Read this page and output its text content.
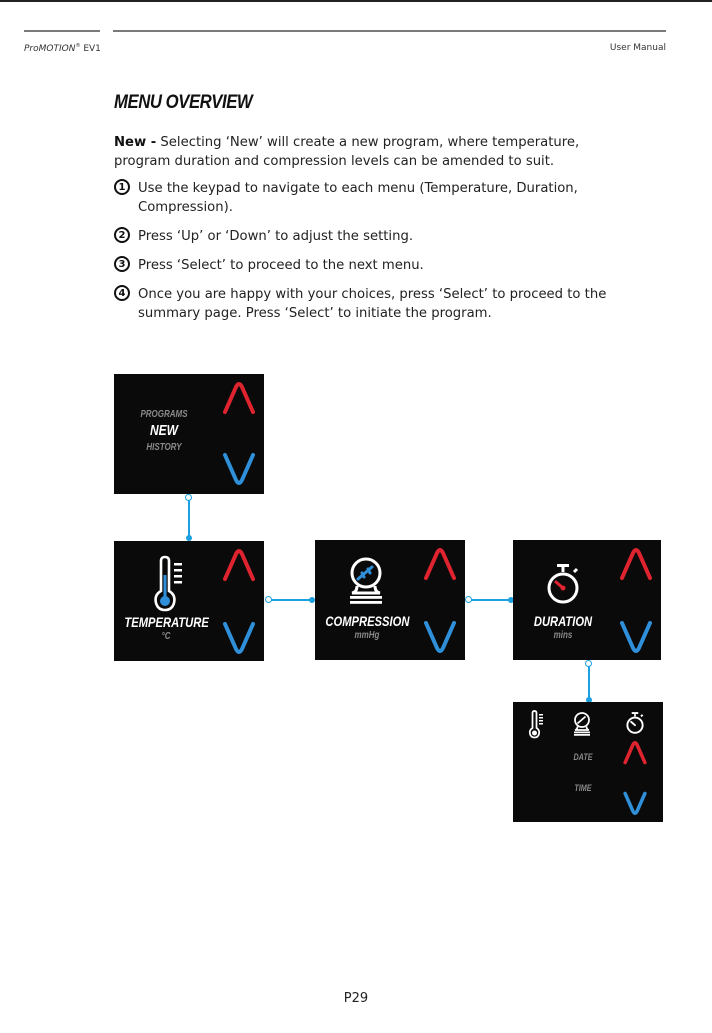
ProMOTION® EV1	User Manual
MENU OVERVIEW
New - Selecting ‘New’ will create a new program, where temperature, program duration and compression levels can be amended to suit.
1 Use the keypad to navigate to each menu (Temperature, Duration, Compression).
2 Press ‘Up’ or ‘Down’ to adjust the setting.
3 Press ‘Select’ to proceed to the next menu.
4 Once you are happy with your choices, press ‘Select’ to proceed to the summary page. Press ‘Select’ to initiate the program.
PROGRAMS
NEW
HISTORY
TEMPERATURE
°C
COMPRESSION
mmHg
DURATION
mins
DATE
TIME
P29
